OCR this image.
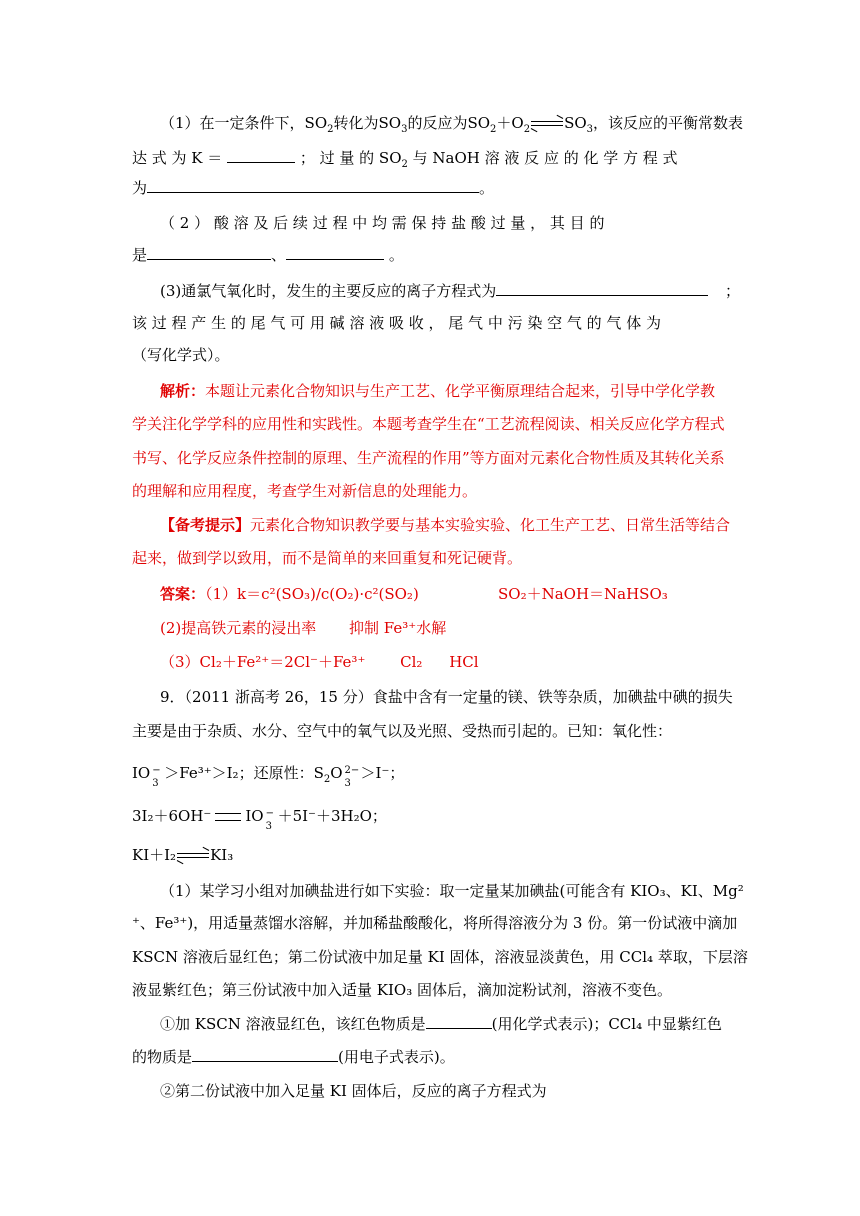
（1）在一定条件下，$SO_2$转化为$SO_3$的反应为$SO_2+O_2$ $SO_3$，该反应的平衡常数表
达 式 为 K ＝	； 过 量 的 $SO_2$ 与 NaOH 溶 液 反 应 的 化 学 方 程 式
为	。
（ 2 ） 酸 溶 及 后 续 过 程 中 均 需 保 持 盐 酸 过 量 ， 其 目 的
是	、	。
(3)通氯气氧化时，发生的主要反应的离子方程式为	；
该 过 程 产 生 的 尾 气 可 用 碱 溶 液 吸 收 ， 尾 气 中 污 染 空 气 的 气 体 为
（写化学式）。
解析：本题让元素化合物知识与生产工艺、化学平衡原理结合起来，引导中学化学教
学关注化学学科的应用性和实践性。本题考查学生在“工艺流程阅读、相关反应化学方程式
书写、化学反应条件控制的原理、生产流程的作用”等方面对元素化合物性质及其转化关系
的理解和应用程度，考查学生对新信息的处理能力。
【备考提示】元素化合物知识教学要与基本实验实验、化工生产工艺、日常生活等结合
起来，做到学以致用，而不是简单的来回重复和死记硬背。
答案：（1）k＝c²(SO₃)/c(O₂)·c²(SO₂)	SO₂＋NaOH＝NaHSO₃
(2)提高铁元素的浸出率 抑制 Fe³⁺水解
（3）Cl₂＋Fe²⁺＝2Cl⁻＋Fe³⁺ Cl₂ HCl
9．（2011 浙高考 26，15 分）食盐中含有一定量的镁、铁等杂质，加碘盐中碘的损失
主要是由于杂质、水分、空气中的氧气以及光照、受热而引起的。已知：氧化性：
IO −
3
＞Fe³⁺＞I₂；还原性：$S_2O$ 2−
3
＞I⁻；
3I₂＋6OH⁻ IO −
3
＋5I⁻＋3H₂O；
KI＋I₂ KI₃
（1）某学习小组对加碘盐进行如下实验：取一定量某加碘盐(可能含有 KIO₃、KI、Mg²
⁺、Fe³⁺)，用适量蒸馏水溶解，并加稀盐酸酸化，将所得溶液分为 3 份。第一份试液中滴加
KSCN 溶液后显红色；第二份试液中加足量 KI 固体，溶液显淡黄色，用 CCl₄ 萃取，下层溶
液显紫红色；第三份试液中加入适量 KIO₃ 固体后，滴加淀粉试剂，溶液不变色。
①加 KSCN 溶液显红色，该红色物质是	(用化学式表示)；CCl₄ 中显紫红色
的物质是	(用电子式表示)。
②第二份试液中加入足量 KI 固体后，反应的离子方程式为
